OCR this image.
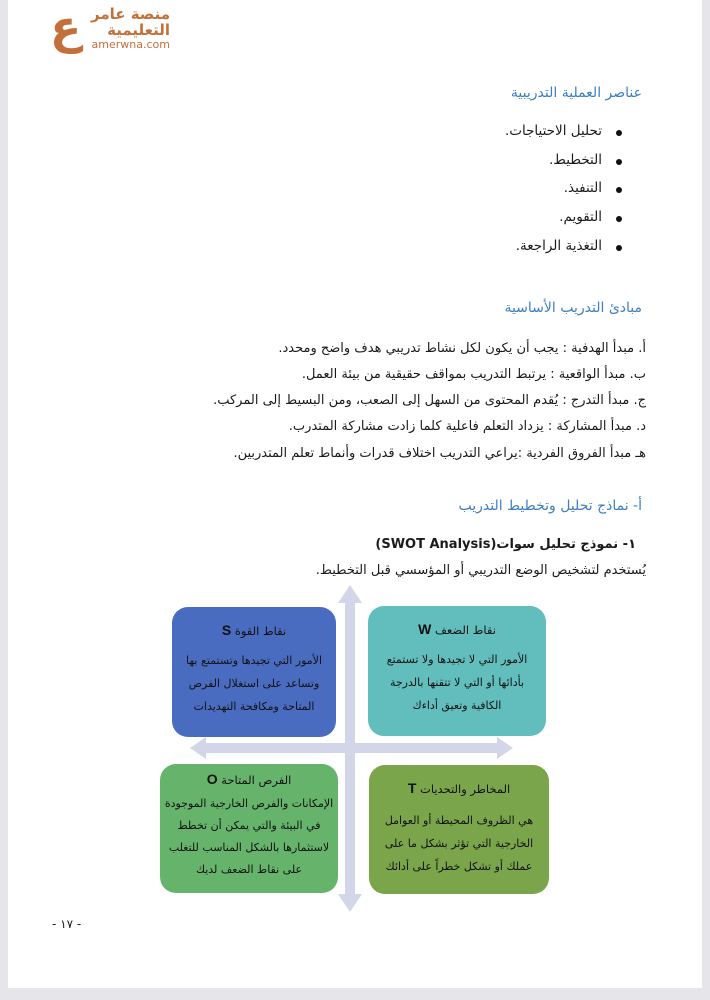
ع منصة عامر
التعليمية
amerwna.com
عناصر العملية التدريبية
تحليل الاحتياجات.
التخطيط.
التنفيذ.
التقويم.
التغذية الراجعة.
مبادئ التدريب الأساسية
أ. مبدأ الهدفية : يجب أن يكون لكل نشاط تدريبي هدف واضح ومحدد.
ب. مبدأ الواقعية : يرتبط التدريب بمواقف حقيقية من بيئة العمل.
ج. مبدأ التدرج : يُقدم المحتوى من السهل إلى الصعب، ومن البسيط إلى المركب.
د. مبدأ المشاركة : يزداد التعلم فاعلية كلما زادت مشاركة المتدرب.
هـ مبدأ الفروق الفردية :يراعي التدريب اختلاف قدرات وأنماط تعلم المتدربين.
أ- نماذج تحليل وتخطيط التدريب
١- نموذج تحليل سوات(SWOT Analysis)
يُستخدم لتشخيص الوضع التدريبي أو المؤسسي قبل التخطيط.
نقاط القوة S
الأمور التي تجيدها وتستمتع بها
وتساعد على استغلال الفرص
المتاحة ومكافحة التهديدات
نقاط الضعف W
الأمور التي لا تجيدها ولا تستمتع
بأدائها أو التي لا تتقنها بالدرجة
الكافية وتعيق أداءك
الفرص المتاحة O
الإمكانات والفرص الخارجية الموجودة
في البيئة والتي يمكن أن تخطط
لاستثمارها بالشكل المناسب للتغلب
على نقاط الضعف لديك
المخاطر والتحديات T
هي الظروف المحيطة أو العوامل
الخارجية التي تؤثر بشكل ما على
عملك أو تشكل خطراً على أدائك
- ١٧ -
